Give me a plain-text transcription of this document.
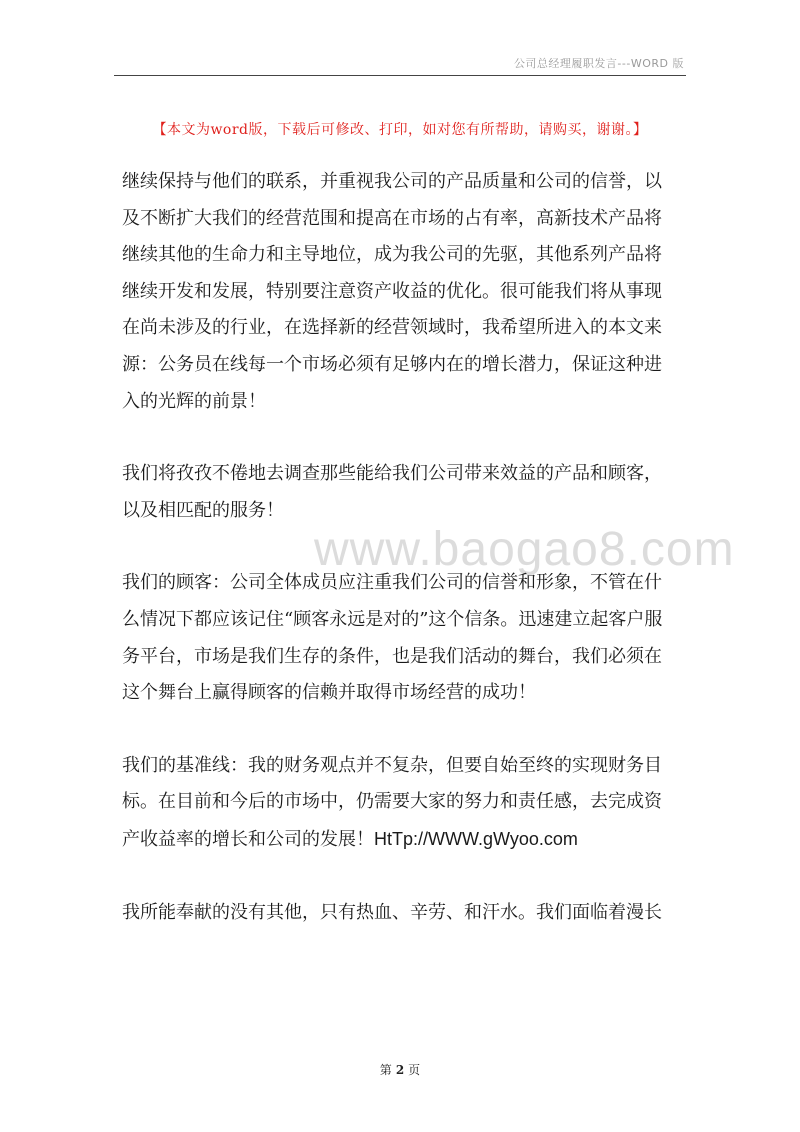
公司总经理履职发言---WORD 版
【本文为word版，下载后可修改、打印，如对您有所帮助，请购买，谢谢。】
www.baogao8.com
继续保持与他们的联系，并重视我公司的产品质量和公司的信誉，以
及不断扩大我们的经营范围和提高在市场的占有率，高新技术产品将
继续其他的生命力和主导地位，成为我公司的先驱，其他系列产品将
继续开发和发展，特别要注意资产收益的优化。很可能我们将从事现
在尚未涉及的行业，在选择新的经营领域时，我希望所进入的本文来
源：公务员在线每一个市场必须有足够内在的增长潜力，保证这种进
入的光辉的前景！
我们将孜孜不倦地去调查那些能给我们公司带来效益的产品和顾客，
以及相匹配的服务！
我们的顾客：公司全体成员应注重我们公司的信誉和形象，不管在什
么情况下都应该记住“顾客永远是对的”这个信条。迅速建立起客户服
务平台，市场是我们生存的条件，也是我们活动的舞台，我们必须在
这个舞台上赢得顾客的信赖并取得市场经营的成功！
我们的基准线：我的财务观点并不复杂，但要自始至终的实现财务目
标。在目前和今后的市场中，仍需要大家的努力和责任感，去完成资
产收益率的增长和公司的发展！HtTp://WWW.gWyoo.com
我所能奉献的没有其他，只有热血、辛劳、和汗水。我们面临着漫长
第 2 页
